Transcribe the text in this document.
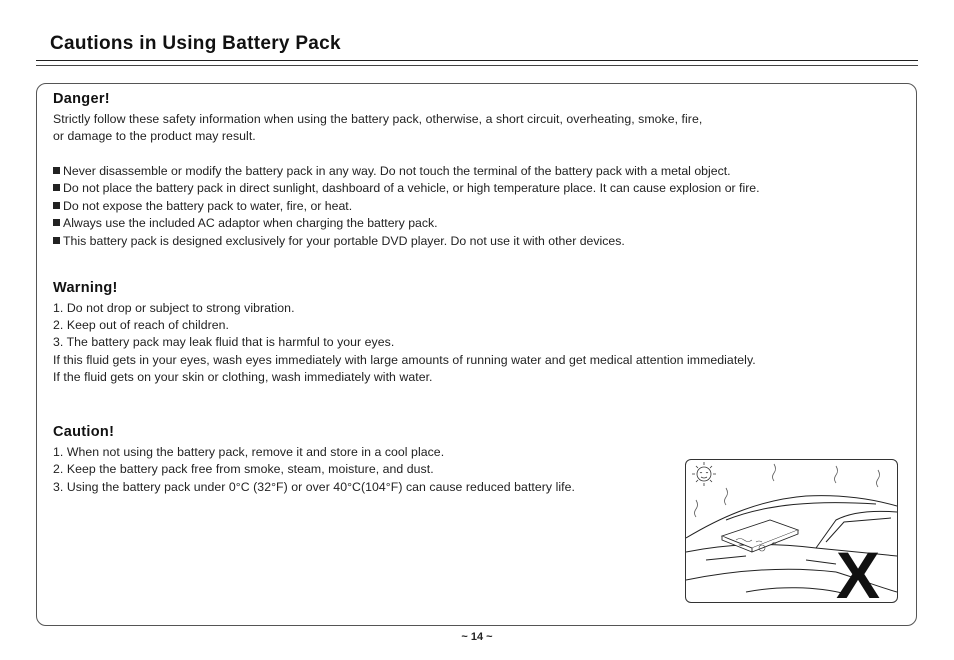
Cautions in Using Battery Pack
Danger!
Strictly follow these safety information when using the battery pack, otherwise, a short circuit, overheating, smoke, fire,
or damage to the product may result.
Never disassemble or modify the battery pack in any way. Do not touch the terminal of the battery pack with a metal object.
Do not place the battery pack in direct sunlight, dashboard of a vehicle, or high temperature place. It can cause explosion or fire.
Do not expose the battery pack to water, fire, or heat.
Always use the included AC adaptor when charging the battery pack.
This battery pack is designed exclusively for your portable DVD player. Do not use it with other devices.
Warning!
1. Do not drop or subject to strong vibration.
2. Keep out of reach of children.
3. The battery pack may leak fluid that is harmful to your eyes.
If this fluid gets in your eyes, wash eyes immediately with large amounts of running water and get medical attention immediately.
If the fluid gets on your skin or clothing, wash immediately with water.
Caution!
1. When not using the battery pack, remove it and store in a cool place.
2. Keep the battery pack free from smoke, steam, moisture, and dust.
3. Using the battery pack under 0°C (32°F) or over 40°C(104°F) can cause reduced battery life.
X
~ 14 ~
